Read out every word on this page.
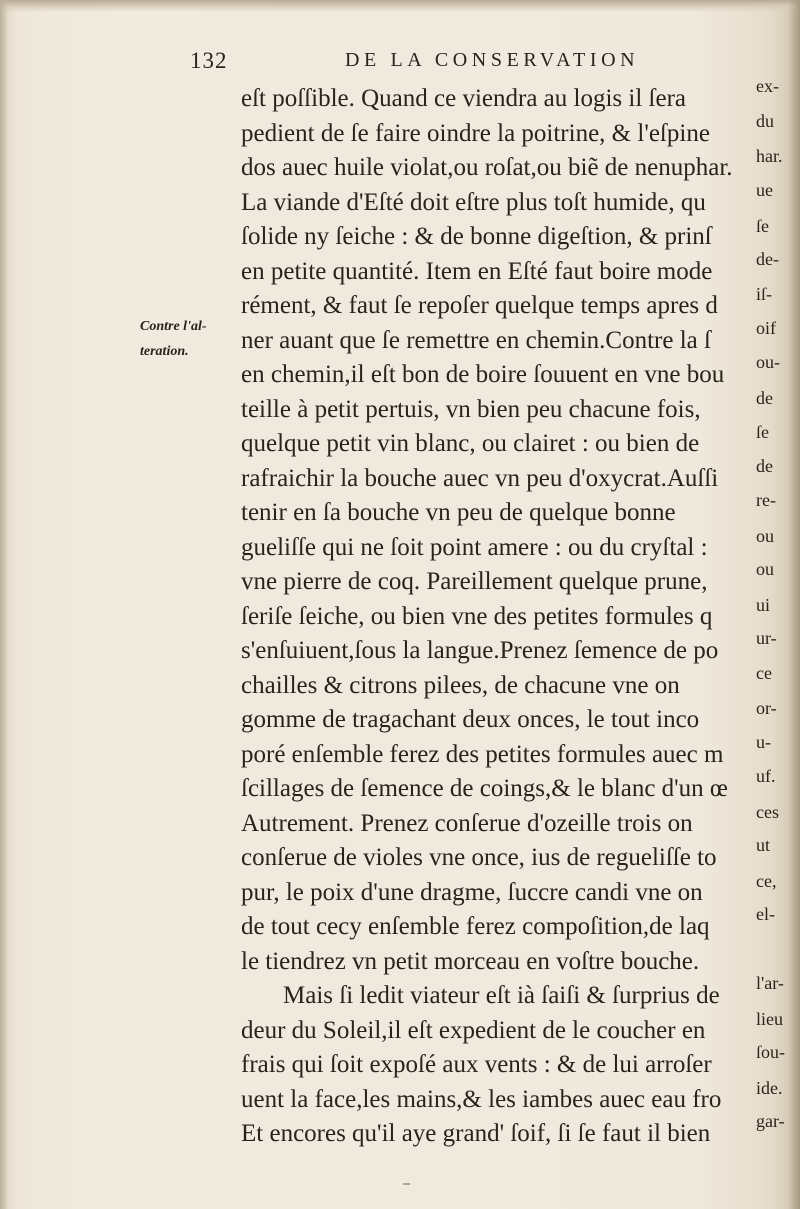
132	DE LA CONSERVATION
Contre l'al-
teration.
eſt poſſible. Quand ce viendra au logis il ſera	ex-
pedient de ſe faire oindre la poitrine, & l'eſpine	du
dos auec huile violat,ou roſat,ou biẽ de nenuphar.	har.
La viande d'Eſté doit eſtre plus toſt humide, qu	ue
ſolide ny ſeiche : & de bonne digeſtion, & prinſ	ſe
en petite quantité. Item en Eſté faut boire mode	de-
rément, & faut ſe repoſer quelque temps apres d	iſ-
ner auant que ſe remettre en chemin.Contre la ſ	oif
en chemin,il eſt bon de boire ſouuent en vne bou	ou-
teille à petit pertuis, vn bien peu chacune fois,	de
quelque petit vin blanc, ou clairet : ou bien de	ſe
rafraichir la bouche auec vn peu d'oxycrat.Auſſi	de
tenir en ſa bouche vn peu de quelque bonne	re-
gueliſſe qui ne ſoit point amere : ou du cryſtal :	ou
vne pierre de coq. Pareillement quelque prune,	ou
ſeriſe ſeiche, ou bien vne des petites formules q	ui
s'enſuiuent,ſous la langue.Prenez ſemence de po	ur-
chailles & citrons pilees, de chacune vne on	ce
gomme de tragachant deux onces, le tout inco	or-
poré enſemble ferez des petites formules auec m	u-
ſcillages de ſemence de coings,& le blanc d'un œ	uf.
Autrement. Prenez conſerue d'ozeille trois on	ces
conſerue de violes vne once, ius de regueliſſe to	ut
pur, le poix d'une dragme, ſuccre candi vne on	ce,
de tout cecy enſemble ferez compoſition,de laq	el-
le tiendrez vn petit morceau en voſtre bouche.
Mais ſi ledit viateur eſt ià ſaiſi & ſurprius de	l'ar-
deur du Soleil,il eſt expedient de le coucher en	lieu
frais qui ſoit expoſé aux vents : & de lui arroſer	ſou-
uent la face,les mains,& les iambes auec eau fro	ide.
Et encores qu'il aye grand' ſoif, ſi ſe faut il bien	gar-
